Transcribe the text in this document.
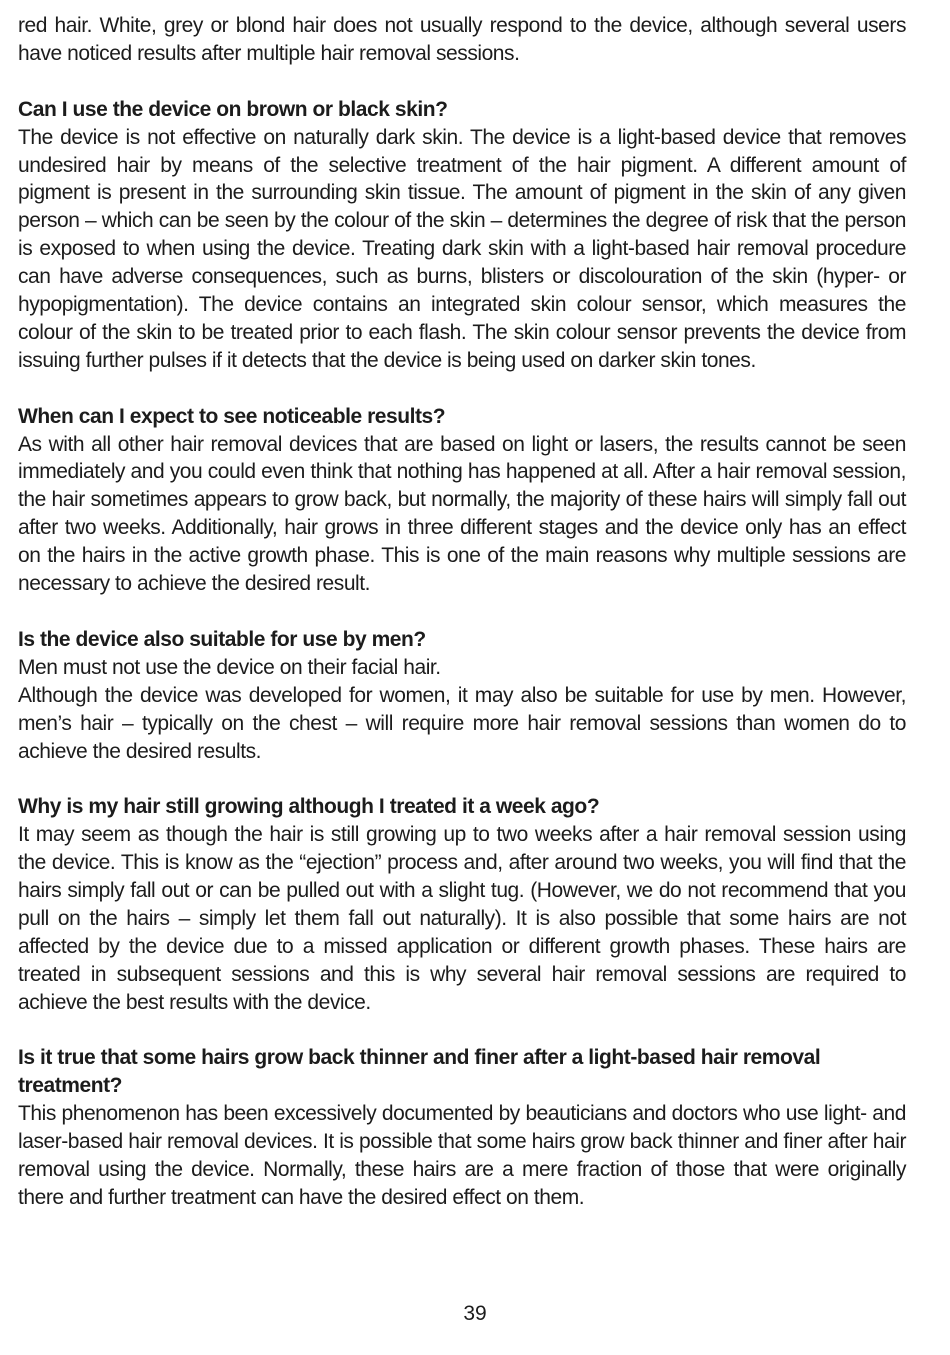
red hair. White, grey or blond hair does not usually respond to the device, although several users have noticed results after multiple hair removal sessions.

Can I use the device on brown or black skin?

The device is not effective on naturally dark skin. The device is a light-based device that removes undesired hair by means of the selective treatment of the hair pigment. A different amount of pigment is present in the surrounding skin tissue. The amount of pigment in the skin of any given person – which can be seen by the colour of the skin – determines the degree of risk that the person is exposed to when using the device. Treating dark skin with a light-based hair removal procedure can have adverse consequences, such as burns, blisters or discolouration of the skin (hyper- or hypopigmentation). The device contains an integrated skin colour sensor, which measures the colour of the skin to be treated prior to each flash. The skin colour sensor prevents the device from issuing further pulses if it detects that the device is being used on darker skin tones.

When can I expect to see noticeable results?

As with all other hair removal devices that are based on light or lasers, the results cannot be seen immediately and you could even think that nothing has happened at all. After a hair removal session, the hair sometimes appears to grow back, but normally, the majority of these hairs will simply fall out after two weeks. Additionally, hair grows in three different stages and the device only has an effect on the hairs in the active growth phase. This is one of the main reasons why multiple sessions are necessary to achieve the desired result.

Is the device also suitable for use by men?

Men must not use the device on their facial hair.

Although the device was developed for women, it may also be suitable for use by men. However, men’s hair – typically on the chest – will require more hair removal sessions than women do to achieve the desired results.

Why is my hair still growing although I treated it a week ago?

It may seem as though the hair is still growing up to two weeks after a hair removal session using the device. This is know as the “ejection” process and, after around two weeks, you will find that the hairs simply fall out or can be pulled out with a slight tug. (However, we do not recommend that you pull on the hairs – simply let them fall out naturally). It is also possible that some hairs are not affected by the device due to a missed application or different growth phases. These hairs are treated in subsequent sessions and this is why several hair removal sessions are required to achieve the best results with the device.

Is it true that some hairs grow back thinner and finer after a light-based hair removal treatment?

This phenomenon has been excessively documented by beauticians and doctors who use light- and laser-based hair removal devices. It is possible that some hairs grow back thinner and finer after hair removal using the device. Normally, these hairs are a mere fraction of those that were originally there and further treatment can have the desired effect on them.

39
